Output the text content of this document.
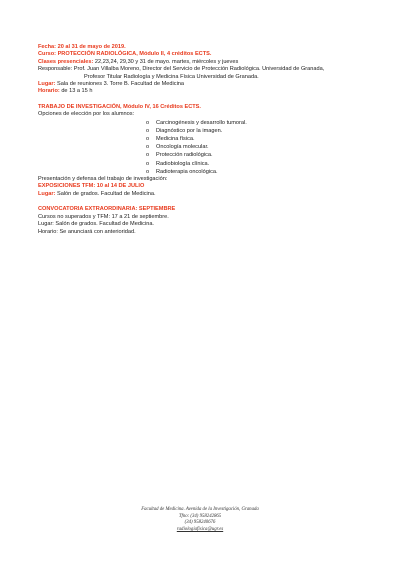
Fecha: 20 al 31 de mayo de 2019.
Curso: PROTECCIÓN RADIOLÓGICA, Módulo II, 4 créditos ECTS.
Clases presenciales: 22,23,24, 29,30 y 31 de mayo. martes, miércoles y jueves
Responsable: Prof. Juan Villalba Moreno, Director del Servicio de Protección Radiológica. Universidad de Granada,
Profesor Titular Radiología y Medicina Física Universidad de Granada.
Lugar: Sala de reuniones 3. Torre B. Facultad de Medicina
Horario: de 13 a 15 h
TRABAJO DE INVESTIGACIÓN, Módulo IV, 16 Créditos ECTS.
Opciones de elección por los alumnos:
o Carcinogénesis y desarrollo tumoral.
o Diagnóstico por la imagen.
o Medicina física.
o Oncología molecular.
o Protección radiológica.
o Radiobiología clínica.
o Radioterapia oncológica.
Presentación y defensa del trabajo de investigación:
EXPOSICIONES TFM: 10 al 14 DE JULIO
Lugar: Salón de grados. Facultad de Medicina.
CONVOCATORIA EXTRAORDINARIA: SEPTIEMBRE
Cursos no superados y TFM: 17 a 21 de septiembre.
Lugar: Salón de grados. Facultad de Medicina.
Horario: Se anunciará con anterioridad.
Facultad de Medicina. Avenida de la Investigación, Granada
Tfno: (34) 958242865
(34) 958240676
radiologiafisica@ugr.es
